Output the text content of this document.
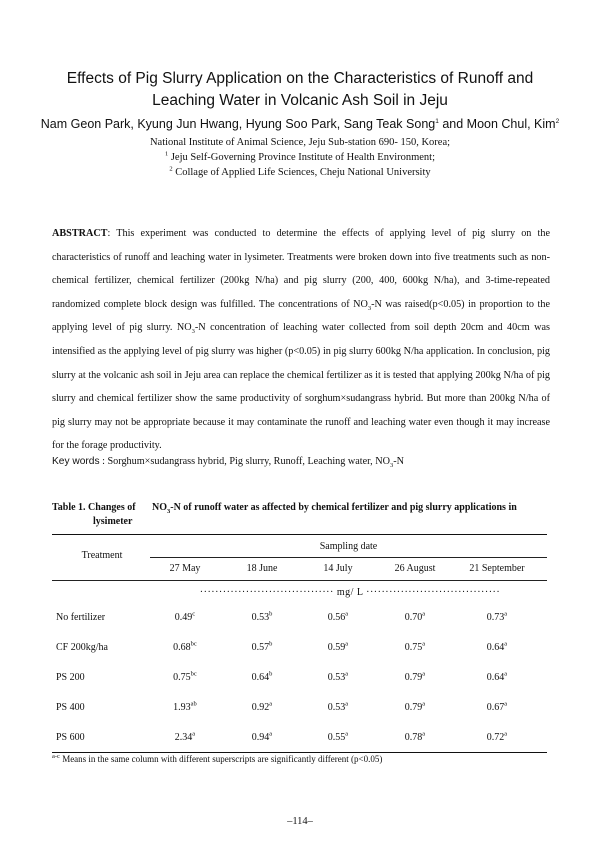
Effects of Pig Slurry Application on the Characteristics of Runoff and
Leaching Water in Volcanic Ash Soil in Jeju
Nam Geon Park, Kyung Jun Hwang, Hyung Soo Park, Sang Teak Song$^1$ and Moon Chul, Kim$^2$
National Institute of Animal Science, Jeju Sub-station 690- 150, Korea;
$^1$ Jeju Self-Governing Province Institute of Health Environment;
$^2$ Collage of Applied Life Sciences, Cheju National University
ABSTRACT: This experiment was conducted to determine the effects of applying level of pig slurry on the characteristics of runoff and leaching water in lysimeter. Treatments were broken down into five treatments such as non-chemical fertilizer, chemical fertilizer (200kg N/ha) and pig slurry (200, 400, 600kg N/ha), and 3-time-repeated randomized complete block design was fulfilled. The concentrations of $NO_3-N$ was raised(p<0.05) in proportion to the applying level of pig slurry. $NO_3-N$ concentration of leaching water collected from soil depth 20cm and 40cm was intensified as the applying level of pig slurry was higher (p<0.05) in pig slurry 600kg N/ha application. In conclusion, pig slurry at the volcanic ash soil in Jeju area can replace the chemical fertilizer as it is tested that applying 200kg N/ha of pig slurry and chemical fertilizer show the same productivity of sorghum×sudangrass hybrid. But more than 200kg N/ha of pig slurry may not be appropriate because it may contaminate the runoff and leaching water even though it may increase for the forage productivity.
Key words : Sorghum×sudangrass hybrid, Pig slurry, Runoff, Leaching water, $NO_3-N$
Table 1. Changes of $NO_3-N$ of runoff water as affected by chemical fertilizer and pig slurry applications in
lysimeter
Treatment
Sampling date
27 May	18 June	14 July	26 August	21 September
··································· mg/ L ···································
No fertilizer	0.49$^c$	0.53$^b$	0.56$^a$	0.70$^a$	0.73$^a$
CF 200kg/ha	0.68$^{bc}$	0.57$^b$	0.59$^a$	0.75$^a$	0.64$^a$
PS 200	0.75$^{bc}$	0.64$^b$	0.53$^a$	0.79$^a$	0.64$^a$
PS 400	1.93$^{ab}$	0.92$^a$	0.53$^a$	0.79$^a$	0.67$^a$
PS 600	2.34$^a$	0.94$^a$	0.55$^a$	0.78$^a$	0.72$^a$
$^{a-c}$ Means in the same column with different superscripts are significantly different (p<0.05)
–114–
